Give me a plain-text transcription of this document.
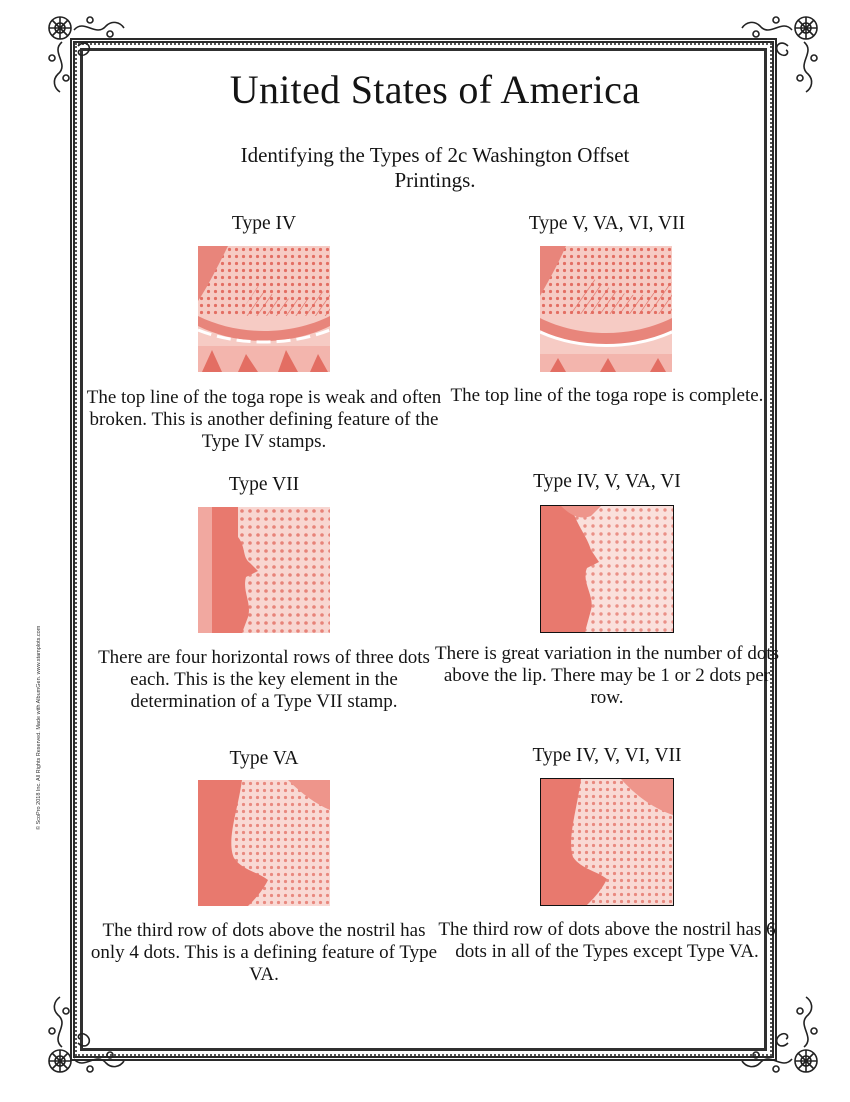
© ScoPro 2018 Inc. All Rights Reserved. Made with AlbumGen. www.stamplots.com
United States of America
Identifying the Types of 2c Washington Offset Printings.
Type IV
The top line of the toga rope is weak and often broken. This is another defining feature of the Type IV stamps.
Type V, VA, VI, VII
The top line of the toga rope is complete.
Type VII
There are four horizontal rows of three dots each. This is the key element in the determination of a Type VII stamp.
Type IV, V, VA, VI
There is great variation in the number of dots above the lip. There may be 1 or 2 dots per row.
Type VA
The third row of dots above the nostril has only 4 dots. This is a defining feature of Type VA.
Type IV, V, VI, VII
The third row of dots above the nostril has 6 dots in all of the Types except Type VA.
